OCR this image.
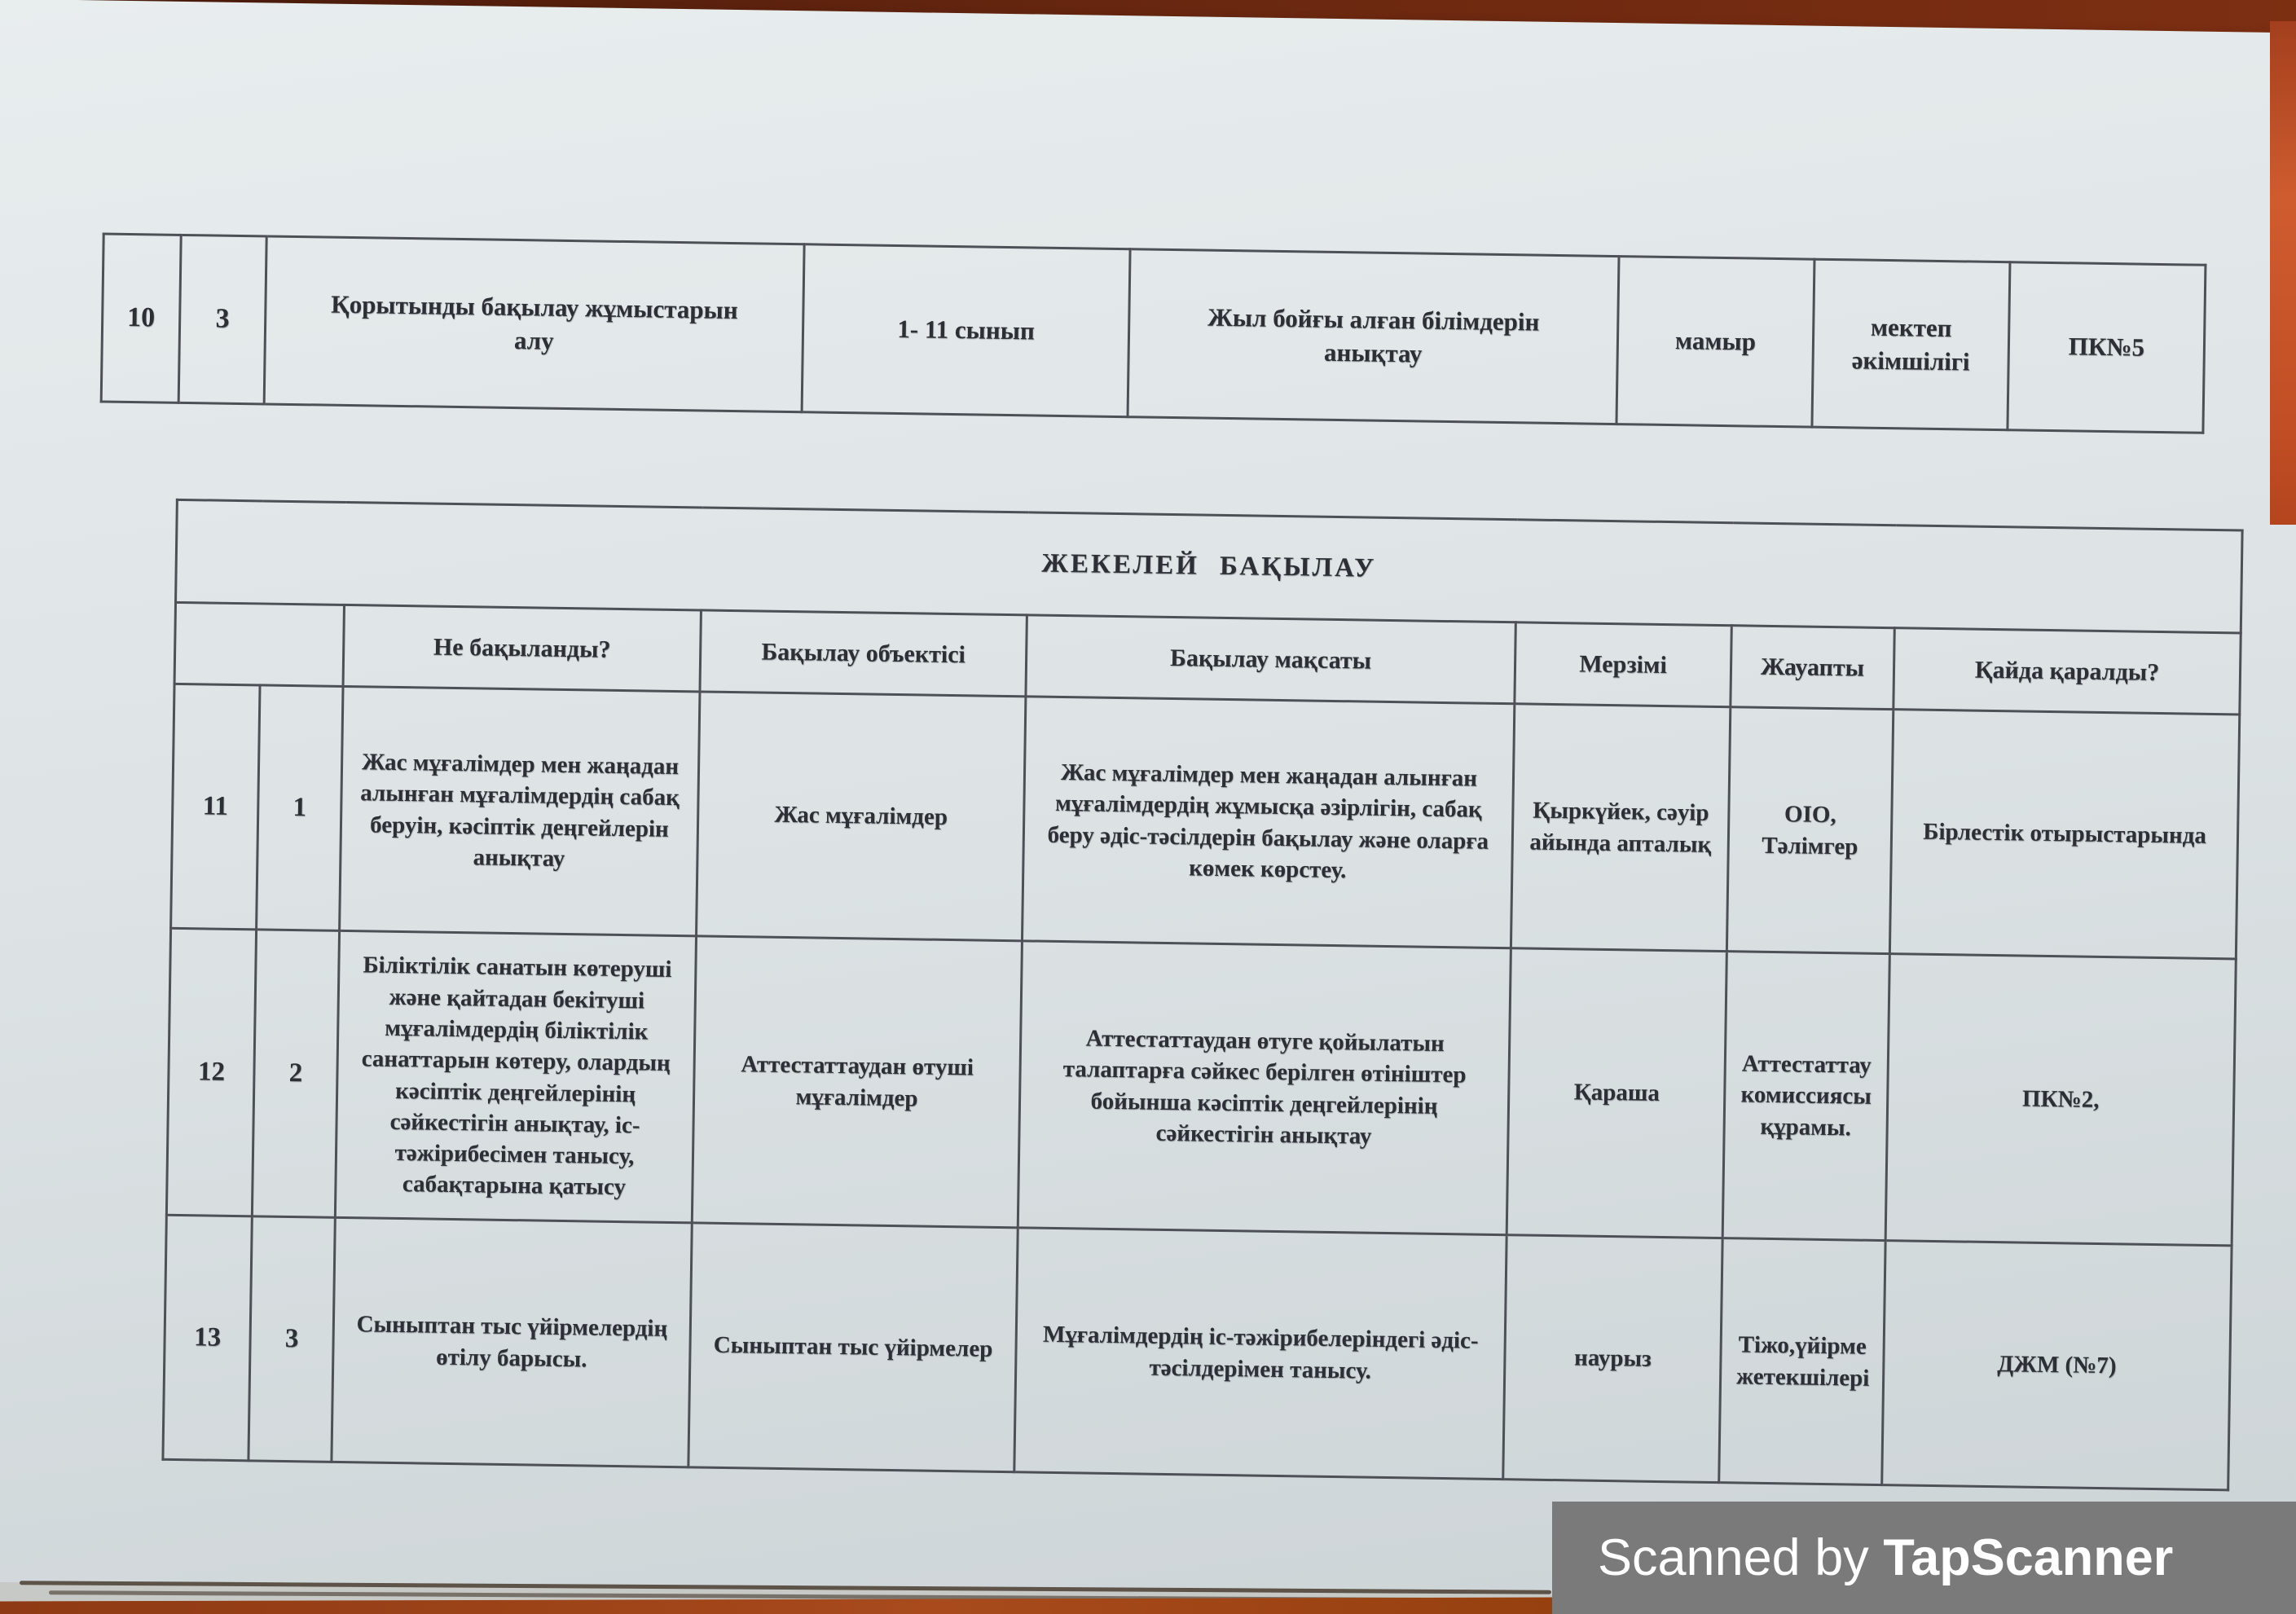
10	3	Қорытынды бақылау жұмыстарын алу	1- 11 сынып	Жыл бойғы алған білімдерін анықтау	мамыр	мектеп әкімшілігі	ПК№5
ЖЕКЕЛЕЙ БАҚЫЛАУ							
		Не бақыланды?	Бақылау объектісі	Бақылау мақсаты	Мерзімі	Жауапты	Қайда қаралды?
11	1	Жас мұғалімдер мен жаңадан алынған мұғалімдердің сабақ беруін, кәсіптік деңгейлерін анықтау	Жас мұғалімдер	Жас мұғалімдер мен жаңадан алынған мұғалімдердің жұмысқа әзірлігін, сабақ беру әдіс-тәсілдерін бақылау және оларға көмек көрстеу.	Қыркүйек, сәуір айында апталық	ОІО, Тәлімгер	Бірлестік отырыстарында
12	2	Біліктілік санатын көтеруші және қайтадан бекітуші мұғалімдердің біліктілік санаттарын көтеру, олардың кәсіптік деңгейлерінің сәйкестігін анықтау, іс-тәжірибесімен танысу, сабақтарына қатысу	Аттестаттаудан өтуші мұғалімдер	Аттестаттаудан өтуге қойылатын талаптарға сәйкес берілген өтініштер бойынша кәсіптік деңгейлерінің сәйкестігін анықтау	Қараша	Аттестаттау комиссиясы құрамы.	ПК№2,
13	3	Сыныптан тыс үйірмелердің өтілу барысы.	Сыныптан тыс үйірмелер	Мұғалімдердің іс-тәжірибелеріндегі әдіс-тәсілдерімен танысу.	наурыз	Тіжо,үйірме жетекшілері	ДЖМ (№7)
Scanned by TapScanner
